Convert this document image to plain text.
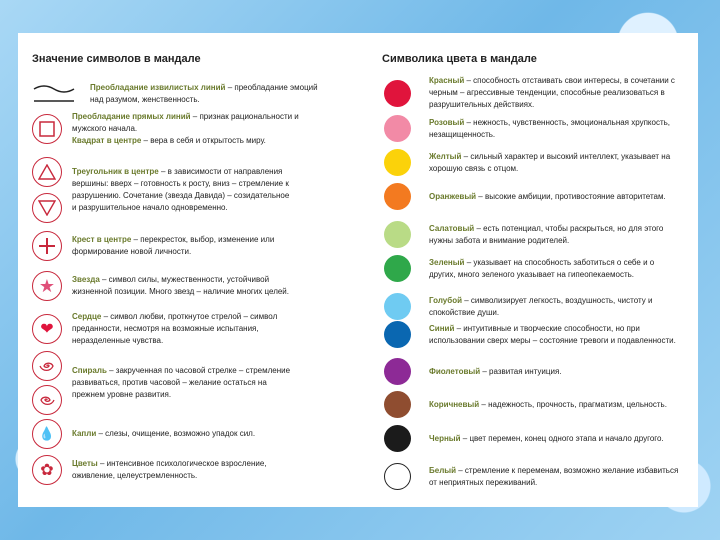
Значение символов в мандале	Символика цвета в мандале
Преобладание извилистых линий – преобладание эмоций над разумом, женственность.
Преобладание прямых линий – признак рациональности и мужского начала.
Квадрат в центре – вера в себя и открытость миру.
Треугольник в центре – в зависимости от направления вершины: вверх – готовность к росту, вниз – стремление к разрушению. Сочетание (звезда Давида) – созидательное и разрушительное начало одновременно.
Крест в центре – перекресток, выбор, изменение или формирование новой личности.
★ Звезда – символ силы, мужественности, устойчивой жизненной позиции. Много звезд – наличие многих целей.
❤
Сердце – символ любви, проткнутое стрелой – символ преданности, несмотря на возможные испытания, неразделенные чувства.
Спираль – закрученная по часовой стрелке – стремление развиваться, против часовой – желание остаться на прежнем уровне развития.
💧 Капли – слезы, очищение, возможно упадок сил.
✿ Цветы – интенсивное психологическое взросление, оживление, целеустремленность.
Красный – способность отстаивать свои интересы, в сочетании с черным – агрессивные тенденции, способные реализоваться в разрушительных действиях.
Розовый – нежность, чувственность, эмоциональная хрупкость, незащищенность.
Желтый – сильный характер и высокий интеллект, указывает на хорошую связь с отцом.
Оранжевый – высокие амбиции, противостояние авторитетам.
Салатовый – есть потенциал, чтобы раскрыться, но для этого нужны забота и внимание родителей.
Зеленый – указывает на способность заботиться о себе и о других, много зеленого указывает на гипеопекаемость.
Голубой – символизирует легкость, воздушность, чистоту и спокойствие души.
Синий – интуитивные и творческие способности, но при использовании сверх меры – состояние тревоги и подавленности.
Фиолетовый – развитая интуиция.
Коричневый – надежность, прочность, прагматизм, цельность.
Черный – цвет перемен, конец одного этапа и начало другого.
Белый – стремление к переменам, возможно желание избавиться от неприятных переживаний.
